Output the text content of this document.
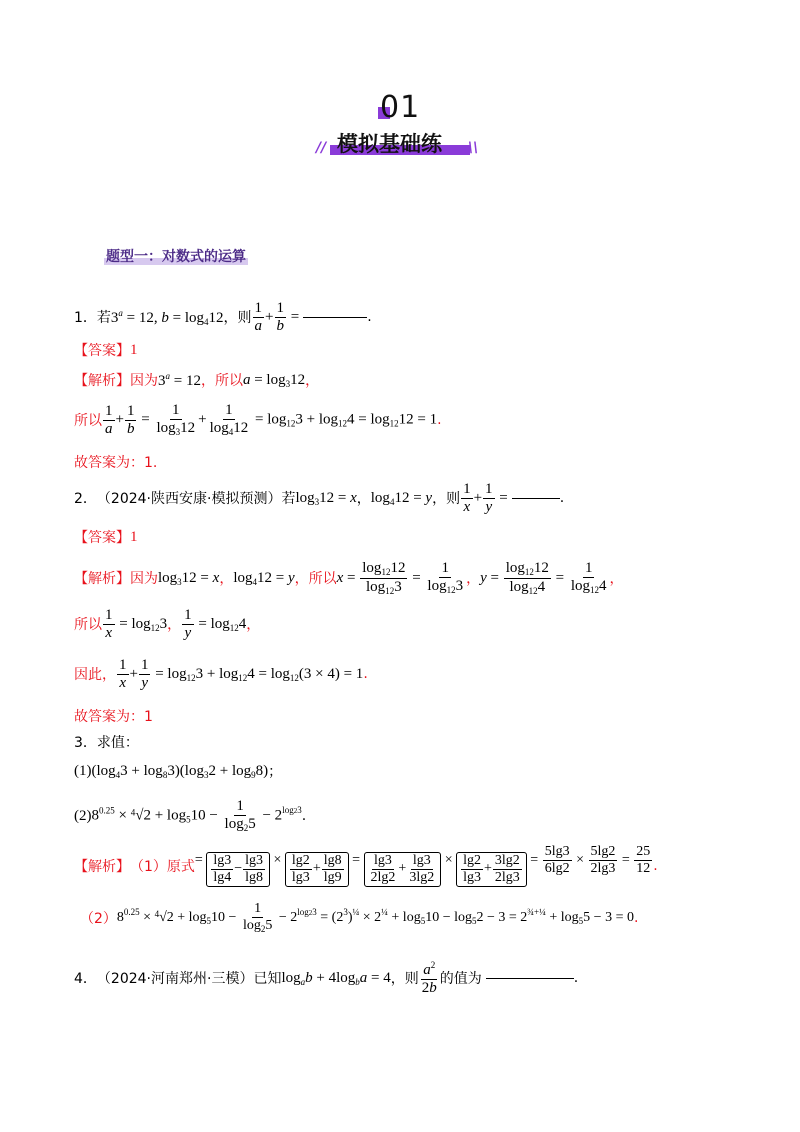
01
模拟基础练
//	\\
题型一：对数式的运算
1． 若 $3^a = 12$, $b = \log_412$ ， 则 $\frac{1}{a} + \frac{1}{b}$ =	.
【答案】 1
【解析】 因为 $3^a = 12$ ，所以 $a = \log_312$ ，
所以 $\frac{1}{a} + \frac{1}{b} = \frac{1}{\log_312} + \frac{1}{\log_412} = \log_{12}3 + \log_{12}4 = \log_{12}12 = 1$ .
故答案为：1.
2． （2024·陕西安康·模拟预测） 若 $\log_312 = x$ ， $\log_412 = y$ ， 则 $\frac{1}{x} + \frac{1}{y}$ =	.
【答案】 1
【解析】 因为 $\log_312 = x$ ， $\log_412 = y$ ，所以 $x = \frac{\log_{12}12}{\log_{12}3} = \frac{1}{\log_{12}3}$ ， $y = \frac{\log_{12}12}{\log_{12}4} = \frac{1}{\log_{12}4}$ ，
所以 $\frac{1}{x} = \log_{12}3$ ， $\frac{1}{y} = \log_{12}4$ ，
因此， $\frac{1}{x} + \frac{1}{y} = \log_{12}3 + \log_{12}4 = \log_{12}(3 \times 4) = 1$ .
故答案为：1
3． 求值：
(1) $(\log_43 + \log_83)(\log_32 + \log_98)$ ；
(2) $8^{0.25} \times ^4√2 + \log_510 - \frac{1}{\log_25} - 2^{log23}$ .
【解析】 （1）原式 = $\frac{\lg 3}{\lg 4} - \frac{\lg 3}{\lg 8} \times \frac{\lg 2}{\lg 3} + \frac{\lg 8}{\lg 9} = \frac{\lg 3}{2\lg 2} + \frac{\lg 3}{3\lg 2} \times \frac{\lg 2}{\lg 3} + \frac{3\lg 2}{2\lg 3} = \frac{5\lg 3}{6\lg 2} \times \frac{5\lg 2}{2\lg 3} = \frac{25}{12}$ .
（2） $8^{0.25} \times ^4√2 + \log_510 - \frac{1}{\log_25} - 2^{log23} = (2^3)^{\frac{1}{4}} \times 2^{\frac{1}{4}} + \log_510 - \log_52 - 3 = 2^{\frac{3}{4}+\frac{1}{4}} + \log_55 - 3 = 0$ .
4． （2024·河南郑州·三模） 已知 $\log_ab + 4\log_ba = 4$ ，则 $\frac{a^2}{2b}$ 的值为	.
